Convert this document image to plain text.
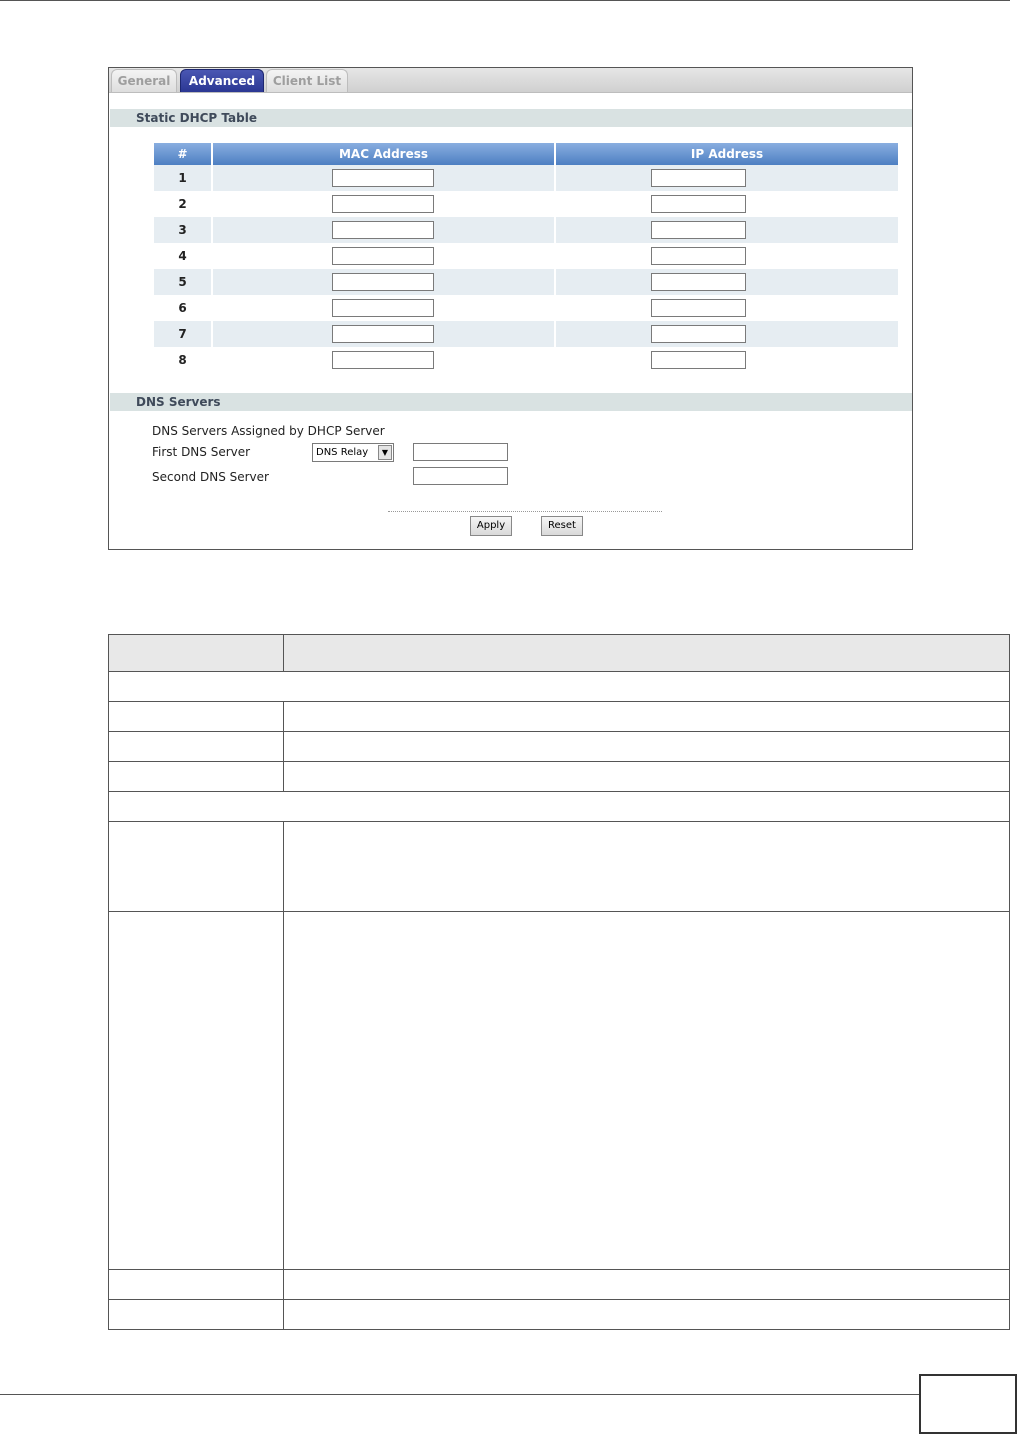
General	Advanced	Client List
Static DHCP Table
#	MAC Address	IP Address
1		
2		
3		
4		
5		
6		
7		
8		
DNS Servers
DNS Servers Assigned by DHCP Server
First DNS Server	DNS Relay	▼
Second DNS Server
Apply	Reset
